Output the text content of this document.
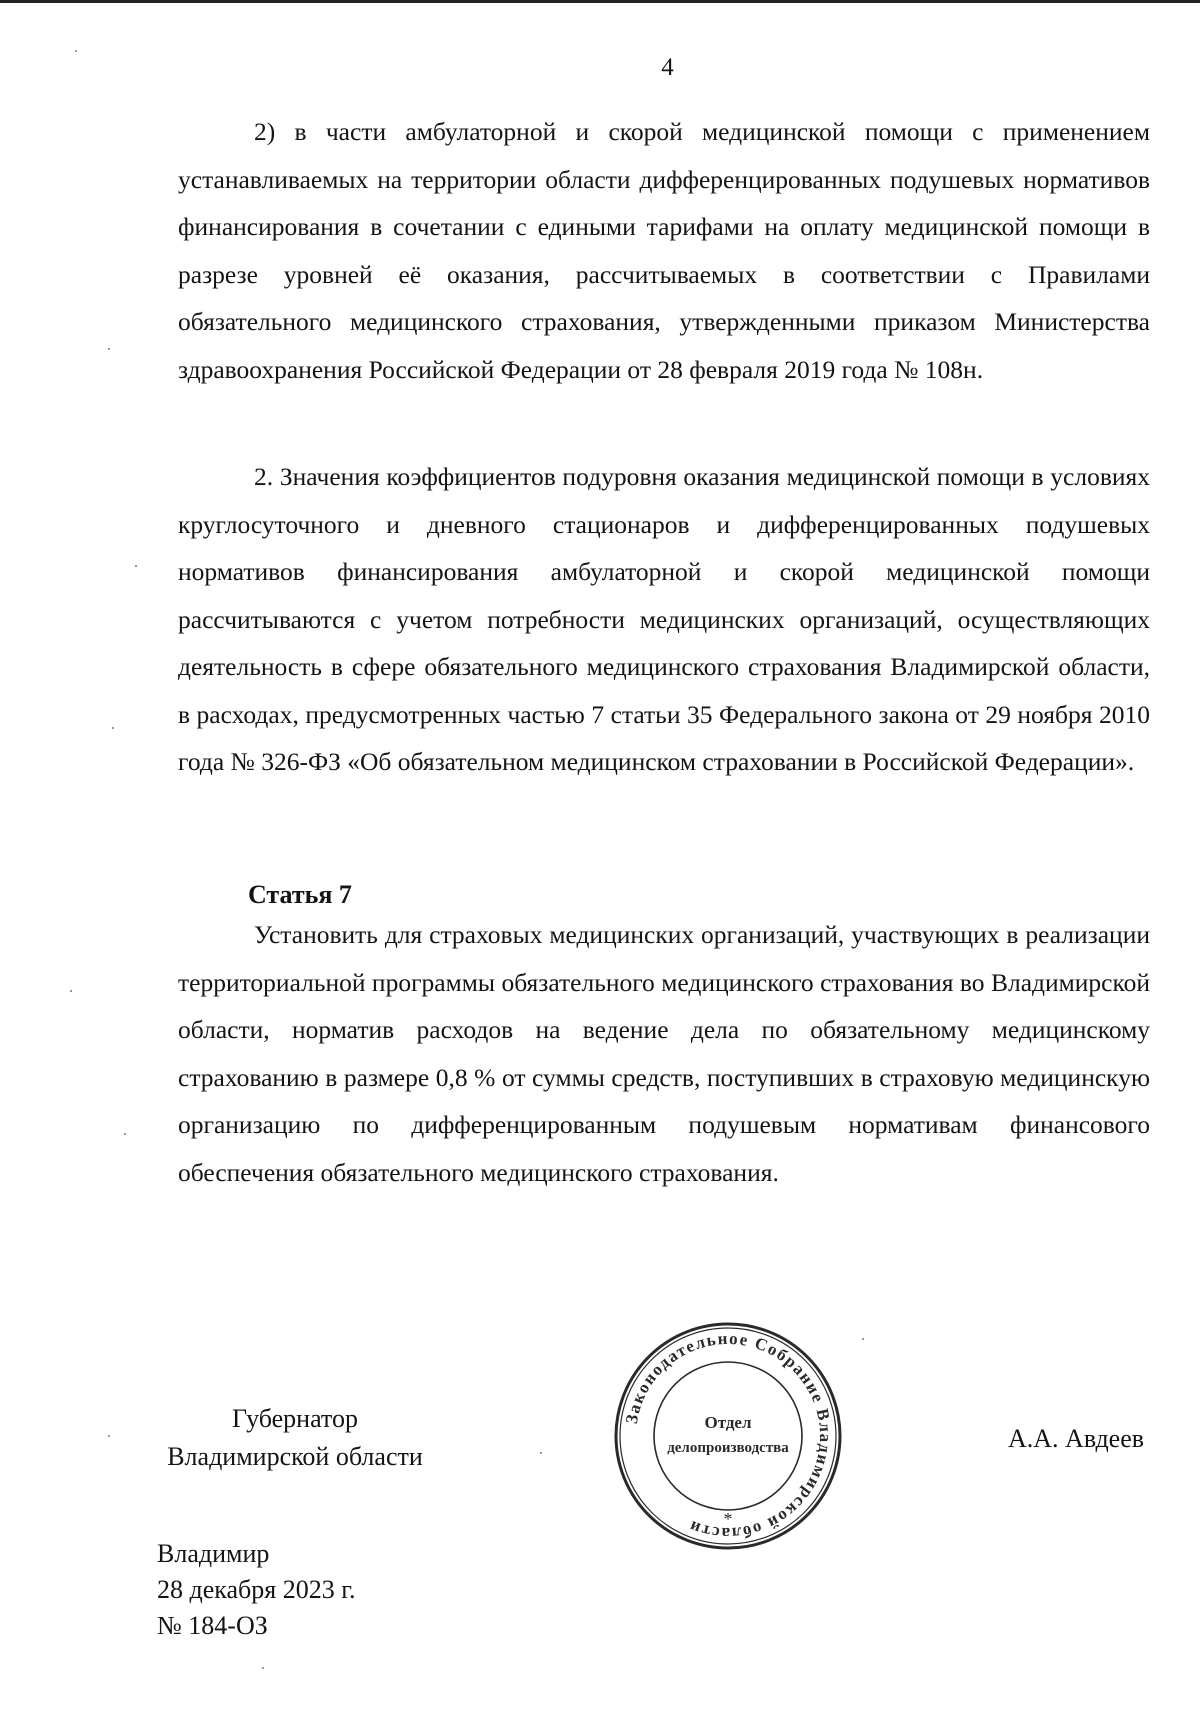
4

2) в части амбулаторной и скорой медицинской помощи с применением устанавливаемых на территории области дифференцированных подушевых нормативов финансирования в сочетании с едиными тарифами на оплату медицинской помощи в разрезе уровней её оказания, рассчитываемых в соответствии с Правилами обязательного медицинского страхования, утвержденными приказом Министерства здравоохранения Российской Федерации от 28 февраля 2019 года № 108н.

2. Значения коэффициентов подуровня оказания медицинской помощи в условиях круглосуточного и дневного стационаров и дифференцированных подушевых нормативов финансирования амбулаторной и скорой медицинской помощи рассчитываются с учетом потребности медицинских организаций, осуществляющих деятельность в сфере обязательного медицинского страхования Владимирской области, в расходах, предусмотренных частью 7 статьи 35 Федерального закона от 29 ноября 2010 года № 326-ФЗ «Об обязательном медицинском страховании в Российской Федерации».

Статья 7

Установить для страховых медицинских организаций, участвующих в реализации территориальной программы обязательного медицинского страхования во Владимирской области, норматив расходов на ведение дела по обязательному медицинскому страхованию в размере 0,8 % от суммы средств, поступивших в страховую медицинскую организацию по дифференцированным подушевым нормативам финансового обеспечения обязательного медицинского страхования.

Губернатор
Владимирской области
Законодательное Собрание Владимирской области	*
Отдел
делопроизводства	А.А. Авдеев
Владимир
28 декабря 2023 г.
№ 184-ОЗ
